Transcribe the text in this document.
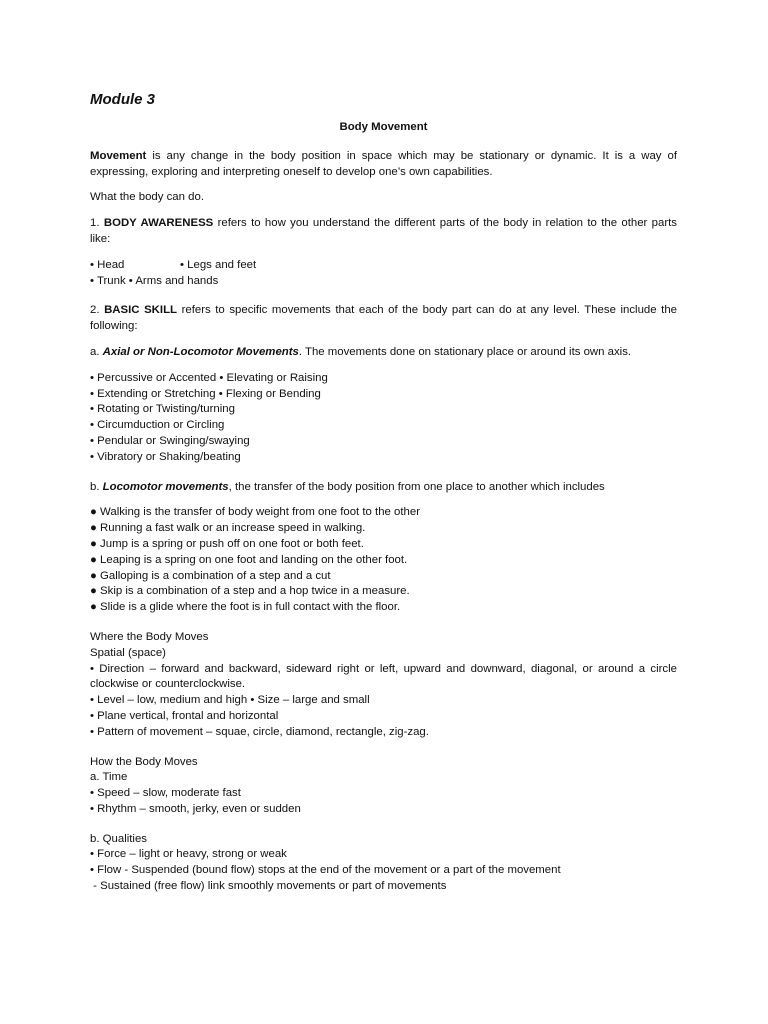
Module 3
Body Movement

Movement is any change in the body position in space which may be stationary or dynamic. It is a way of expressing, exploring and interpreting oneself to develop one’s own capabilities.

What the body can do.

1. BODY AWARENESS refers to how you understand the different parts of the body in relation to the other parts like:

• Head	• Legs and feet
• Trunk • Arms and hands

2. BASIC SKILL refers to specific movements that each of the body part can do at any level. These include the following:

a. Axial or Non-Locomotor Movements. The movements done on stationary place or around its own axis.

• Percussive or Accented • Elevating or Raising
• Extending or Stretching • Flexing or Bending
• Rotating or Twisting/turning
• Circumduction or Circling
• Pendular or Swinging/swaying
• Vibratory or Shaking/beating

b. Locomotor movements, the transfer of the body position from one place to another which includes

● Walking is the transfer of body weight from one foot to the other
● Running a fast walk or an increase speed in walking.
● Jump is a spring or push off on one foot or both feet.
● Leaping is a spring on one foot and landing on the other foot.
● Galloping is a combination of a step and a cut
● Skip is a combination of a step and a hop twice in a measure.
● Slide is a glide where the foot is in full contact with the floor.
Where the Body Moves
Spatial (space)
• Direction – forward and backward, sideward right or left, upward and downward, diagonal, or around a circle clockwise or counterclockwise.
• Level – low, medium and high • Size – large and small
• Plane vertical, frontal and horizontal
• Pattern of movement – squae, circle, diamond, rectangle, zig-zag.
How the Body Moves
a. Time
• Speed – slow, moderate fast
• Rhythm – smooth, jerky, even or sudden
b. Qualities
• Force – light or heavy, strong or weak
• Flow - Suspended (bound flow) stops at the end of the movement or a part of the movement
- Sustained (free flow) link smoothly movements or part of movements
